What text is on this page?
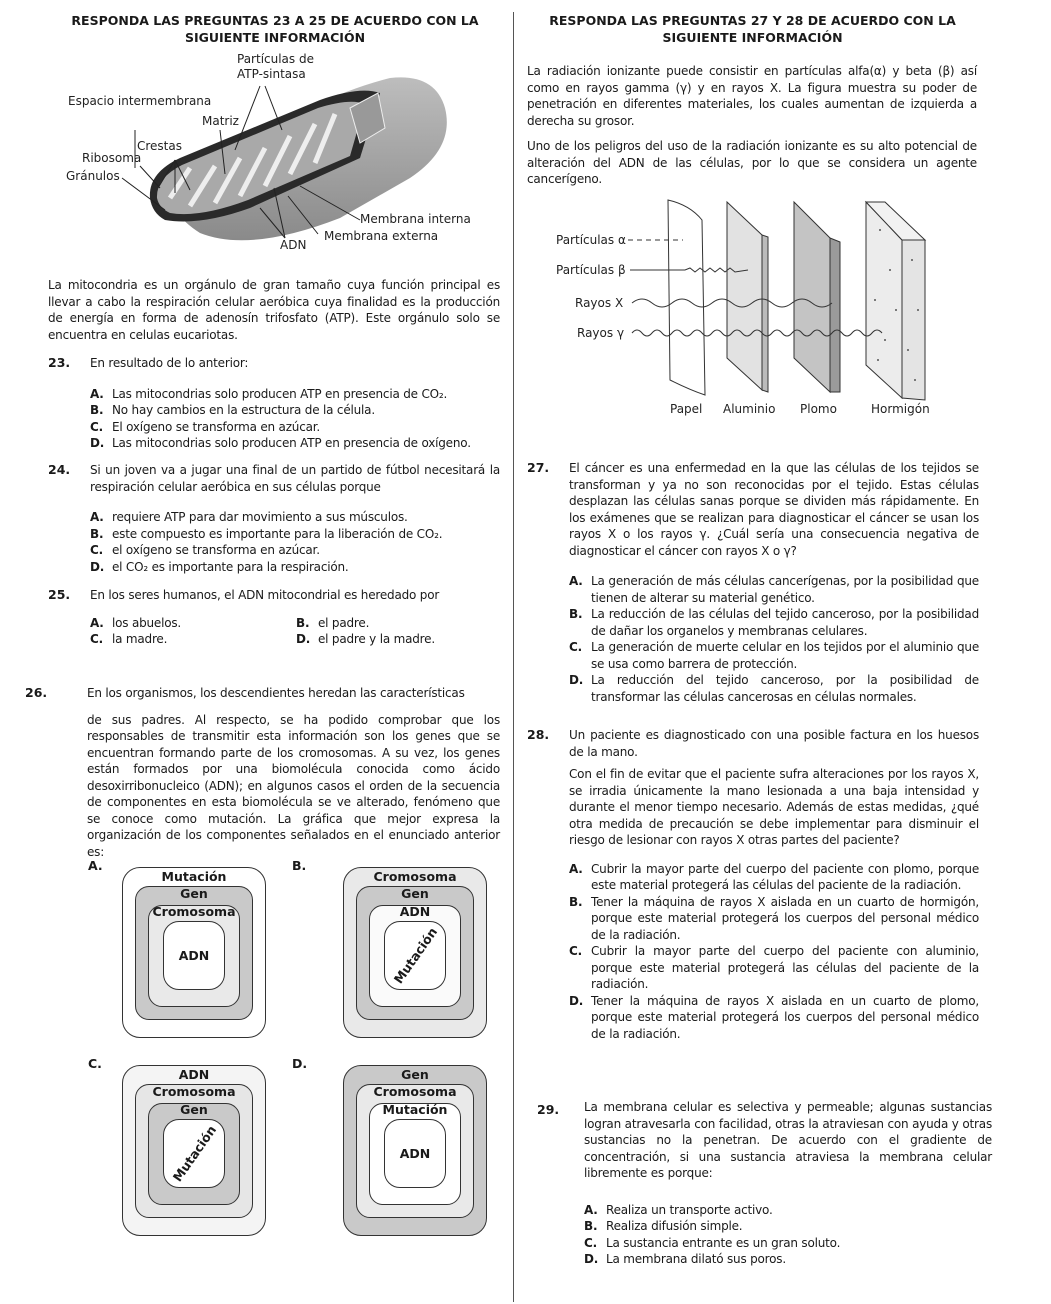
RESPONDA LAS PREGUNTAS 23 A 25 DE ACUERDO CON LA
SIGUIENTE INFORMACIÓN
Partículas de
ATP-sintasa
Espacio intermembrana
Matriz
Crestas
Ribosoma
Gránulos
Membrana interna
Membrana externa
ADN
La mitocondria es un orgánulo de gran tamaño cuya función principal es llevar a cabo la respiración celular aeróbica cuya finalidad es la producción de energía en forma de adenosín trifosfato (ATP). Este orgánulo solo se encuentra en celulas eucariotas.
23. En resultado de lo anterior:
A. Las mitocondrias solo producen ATP en presencia de CO₂.
B. No hay cambios en la estructura de la célula.
C. El oxígeno se transforma en azúcar.
D. Las mitocondrias solo producen ATP en presencia de oxígeno.
24. Si un joven va a jugar una final de un partido de fútbol necesitará la respiración celular aeróbica en sus células porque
A. requiere ATP para dar movimiento a sus músculos.
B. este compuesto es importante para la liberación de CO₂.
C. el oxígeno se transforma en azúcar.
D. el CO₂ es importante para la respiración.
25. En los seres humanos, el ADN mitocondrial es heredado por
A. los abuelos.	B. el padre.
C. la madre.	D. el padre y la madre.
26.	En los organismos, los descendientes heredan las características
de sus padres. Al respecto, se ha podido comprobar que los responsables de transmitir esta información son los genes que se encuentran formando parte de los cromosomas. A su vez, los genes están formados por una biomolécula conocida como ácido desoxirribonucleico (ADN); en algunos casos el orden de la secuencia de componentes en esta biomolécula se ve alterado, fenómeno que se conoce como mutación. La gráfica que mejor expresa la organización de los componentes señalados en el enunciado anterior es:
A.
Mutación
Gen
Cromosoma
ADN
B.
Cromosoma
Gen
ADN
Mutación
C.
ADN
Cromosoma
Gen
Mutación
D.
Gen
Cromosoma
Mutación
ADN
RESPONDA LAS PREGUNTAS 27 Y 28 DE ACUERDO CON LA
SIGUIENTE INFORMACIÓN
La radiación ionizante puede consistir en partículas alfa(α) y beta (β) así como en rayos gamma (γ) y en rayos X. La figura muestra su poder de penetración en diferentes materiales, los cuales aumentan de izquierda a derecha su grosor.
Uno de los peligros del uso de la radiación ionizante es su alto potencial de alteración del ADN de las células, por lo que se considera un agente cancerígeno.
Partículas α
Partículas β
Rayos X
Rayos γ
Papel Aluminio Plomo	Hormigón
27. El cáncer es una enfermedad en la que las células de los tejidos se transforman y ya no son reconocidas por el tejido. Estas células desplazan las células sanas porque se dividen más rápidamente. En los exámenes que se realizan para diagnosticar el cáncer se usan los rayos X o los rayos γ. ¿Cuál sería una consecuencia negativa de diagnosticar el cáncer con rayos X o γ?
A. La generación de más células cancerígenas, por la posibilidad que tienen de alterar su material genético.
B. La reducción de las células del tejido canceroso, por la posibilidad de dañar los organelos y membranas celulares.
C. La generación de muerte celular en los tejidos por el aluminio que se usa como barrera de protección.
D. La reducción del tejido canceroso, por la posibilidad de transformar las células cancerosas en células normales.
28. Un paciente es diagnosticado con una posible factura en los huesos de la mano.
Con el fin de evitar que el paciente sufra alteraciones por los rayos X, se irradia únicamente la mano lesionada a una baja intensidad y durante el menor tiempo necesario. Además de estas medidas, ¿qué otra medida de precaución se debe implementar para disminuir el riesgo de lesionar con rayos X otras partes del paciente?
A. Cubrir la mayor parte del cuerpo del paciente con plomo, porque este material protegerá las células del paciente de la radiación.
B. Tener la máquina de rayos X aislada en un cuarto de hormigón, porque este material protegerá los cuerpos del personal médico de la radiación.
C. Cubrir la mayor parte del cuerpo del paciente con aluminio, porque este material protegerá las células del paciente de la radiación.
D. Tener la máquina de rayos X aislada en un cuarto de plomo, porque este material protegerá los cuerpos del personal médico de la radiación.
29. La membrana celular es selectiva y permeable; algunas sustancias logran atravesarla con facilidad, otras la atraviesan con ayuda y otras sustancias no la penetran. De acuerdo con el gradiente de concentración, si una sustancia atraviesa la membrana celular libremente es porque:
A. Realiza un transporte activo.
B. Realiza difusión simple.
C. La sustancia entrante es un gran soluto.
D. La membrana dilató sus poros.
